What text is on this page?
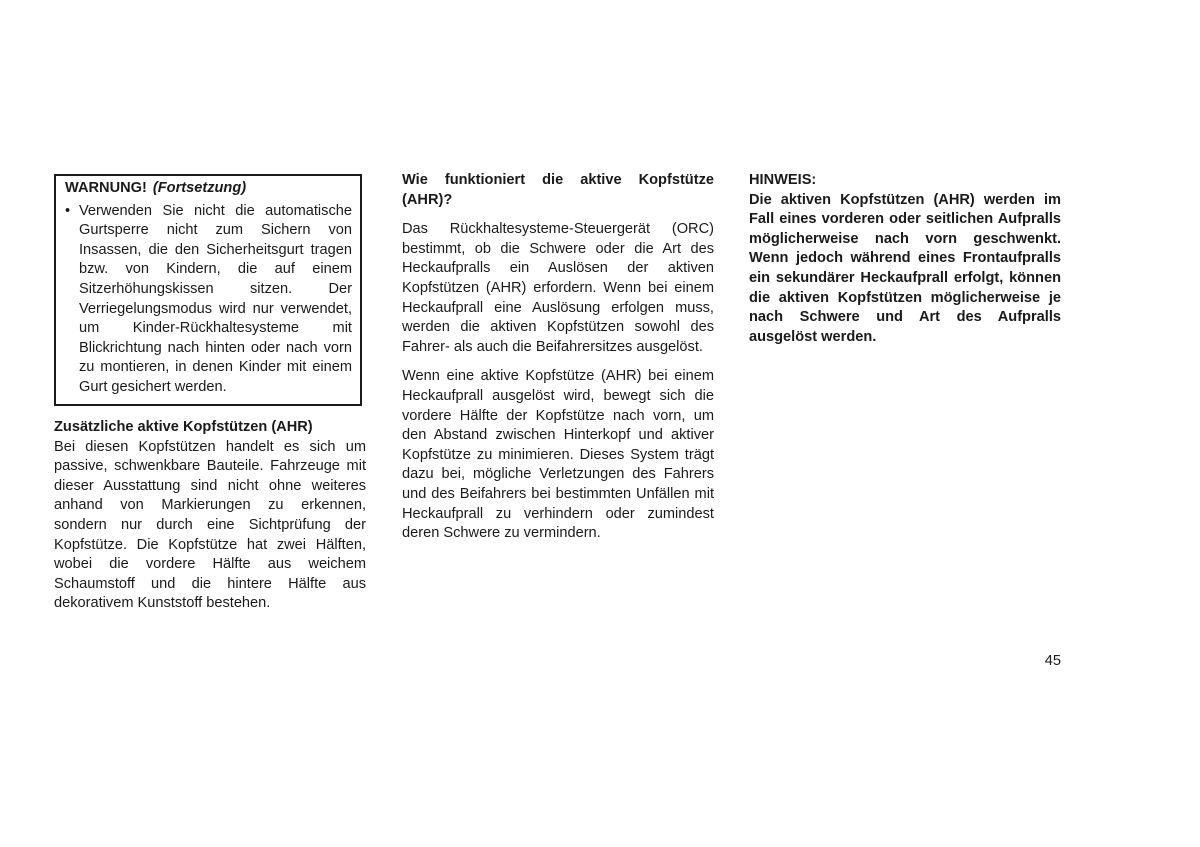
WARNUNG! (Fortsetzung)

• Verwenden Sie nicht die automatische Gurtsperre nicht zum Sichern von Insassen, die den Sicherheitsgurt tragen bzw. von Kindern, die auf einem Sitzerhöhungskissen sitzen. Der Verriegelungsmodus wird nur verwendet, um Kinder-Rückhaltesysteme mit Blickrichtung nach hinten oder nach vorn zu montieren, in denen Kinder mit einem Gurt gesichert werden.

Zusätzliche aktive Kopfstützen (AHR)

Bei diesen Kopfstützen handelt es sich um passive, schwenkbare Bauteile. Fahrzeuge mit dieser Ausstattung sind nicht ohne weiteres anhand von Markierungen zu erkennen, sondern nur durch eine Sichtprüfung der Kopfstütze. Die Kopfstütze hat zwei Hälften, wobei die vordere Hälfte aus weichem Schaumstoff und die hintere Hälfte aus dekorativem Kunststoff bestehen.

Wie funktioniert die aktive Kopfstütze (AHR)?

Das Rückhaltesysteme-Steuergerät (ORC) bestimmt, ob die Schwere oder die Art des Heckaufpralls ein Auslösen der aktiven Kopfstützen (AHR) erfordern. Wenn bei einem Heckaufprall eine Auslösung erfolgen muss, werden die aktiven Kopfstützen sowohl des Fahrer- als auch die Beifahrersitzes ausgelöst.

Wenn eine aktive Kopfstütze (AHR) bei einem Heckaufprall ausgelöst wird, bewegt sich die vordere Hälfte der Kopfstütze nach vorn, um den Abstand zwischen Hinterkopf und aktiver Kopfstütze zu minimieren. Dieses System trägt dazu bei, mögliche Verletzungen des Fahrers und des Beifahrers bei bestimmten Unfällen mit Heckaufprall zu verhindern oder zumindest deren Schwere zu vermindern.

HINWEIS:

Die aktiven Kopfstützen (AHR) werden im Fall eines vorderen oder seitlichen Aufpralls möglicherweise nach vorn geschwenkt. Wenn jedoch während eines Frontaufpralls ein sekundärer Heckaufprall erfolgt, können die aktiven Kopfstützen möglicherweise je nach Schwere und Art des Aufpralls ausgelöst werden.

45
